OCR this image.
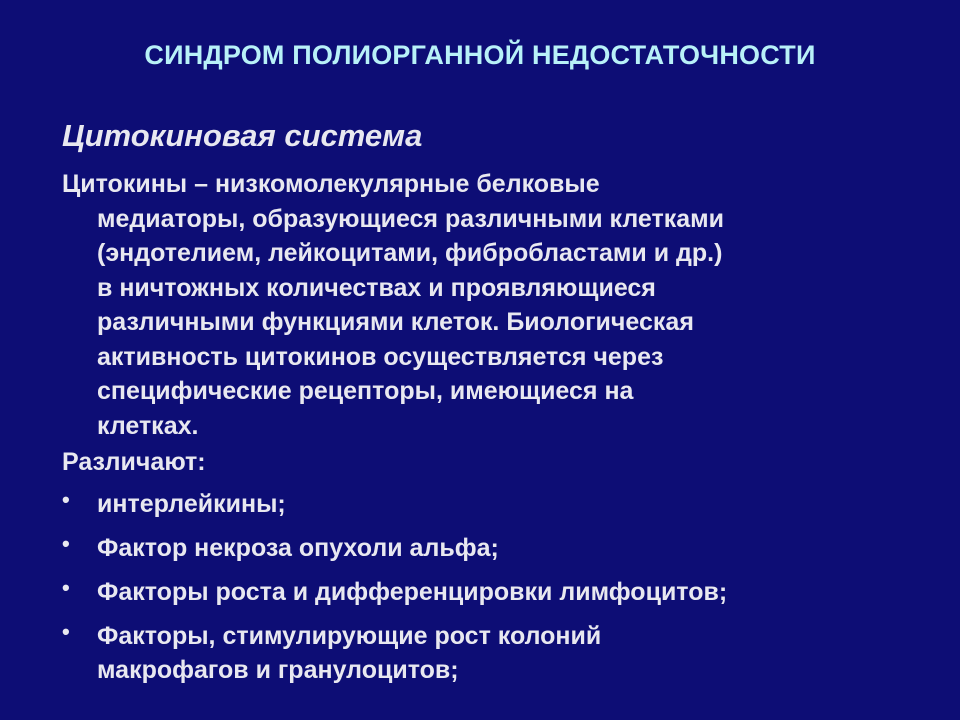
СИНДРОМ ПОЛИОРГАННОЙ НЕДОСТАТОЧНОСТИ
Цитокиновая система

Цитокины – низкомолекулярные белковые
медиаторы, образующиеся различными клетками
(эндотелием, лейкоцитами, фибробластами и др.)
в ничтожных количествах и проявляющиеся
различными функциями клеток. Биологическая
активность цитокинов осуществляется через
специфические рецепторы, имеющиеся на
клетках.

Различают:

• интерлейкины;
• Фактор некроза опухоли альфа;
• Факторы роста и дифференцировки лимфоцитов;
• Факторы, стимулирующие рост колоний
макрофагов и гранулоцитов;
